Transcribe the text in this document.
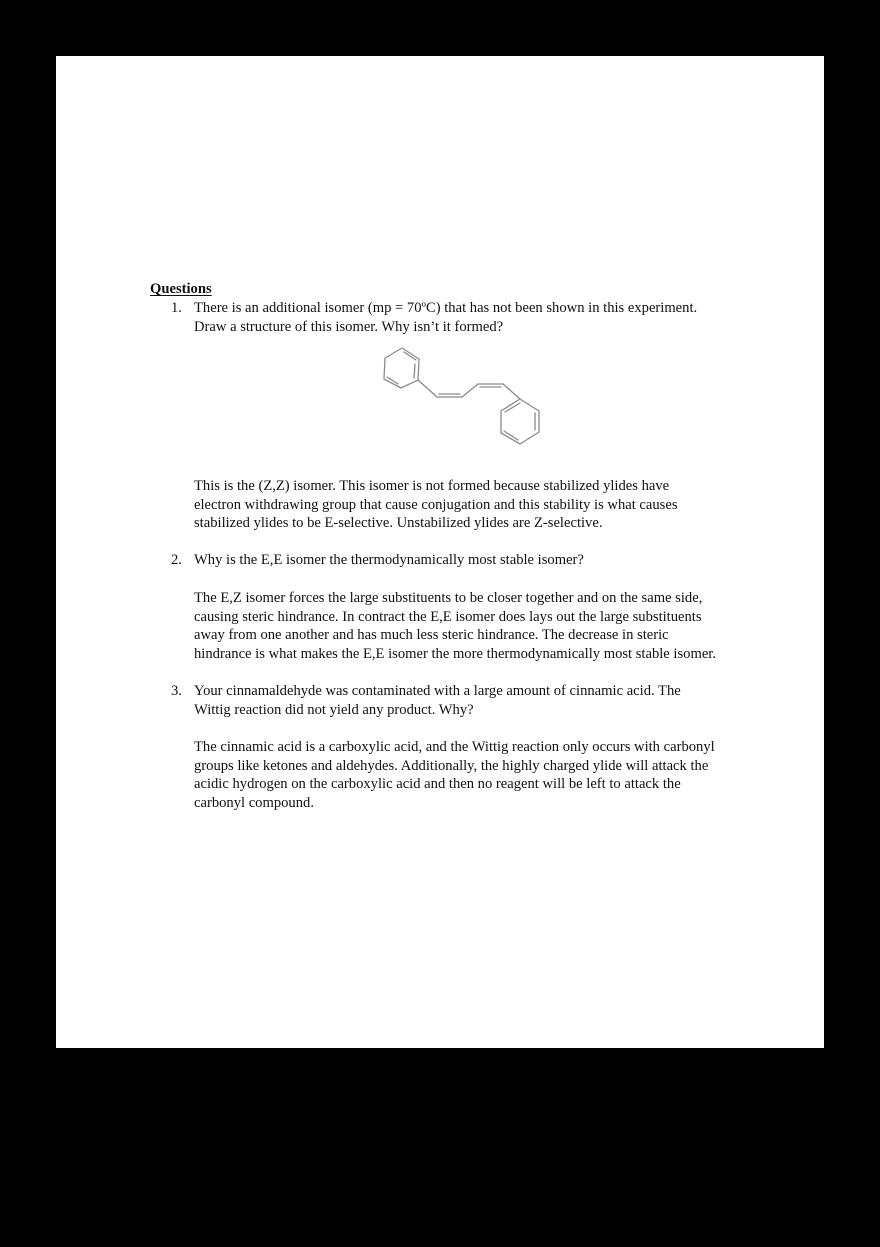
Questions
1. There is an additional isomer (mp = 70ºC) that has not been shown in this experiment.
Draw a structure of this isomer. Why isn’t it formed?
This is the (Z,Z) isomer. This isomer is not formed because stabilized ylides have
electron withdrawing group that cause conjugation and this stability is what causes
stabilized ylides to be E-selective. Unstabilized ylides are Z-selective.
2. Why is the E,E isomer the thermodynamically most stable isomer?
The E,Z isomer forces the large substituents to be closer together and on the same side,
causing steric hindrance. In contract the E,E isomer does lays out the large substituents
away from one another and has much less steric hindrance. The decrease in steric
hindrance is what makes the E,E isomer the more thermodynamically most stable isomer.
3. Your cinnamaldehyde was contaminated with a large amount of cinnamic acid. The
Wittig reaction did not yield any product. Why?
The cinnamic acid is a carboxylic acid, and the Wittig reaction only occurs with carbonyl
groups like ketones and aldehydes. Additionally, the highly charged ylide will attack the
acidic hydrogen on the carboxylic acid and then no reagent will be left to attack the
carbonyl compound.
